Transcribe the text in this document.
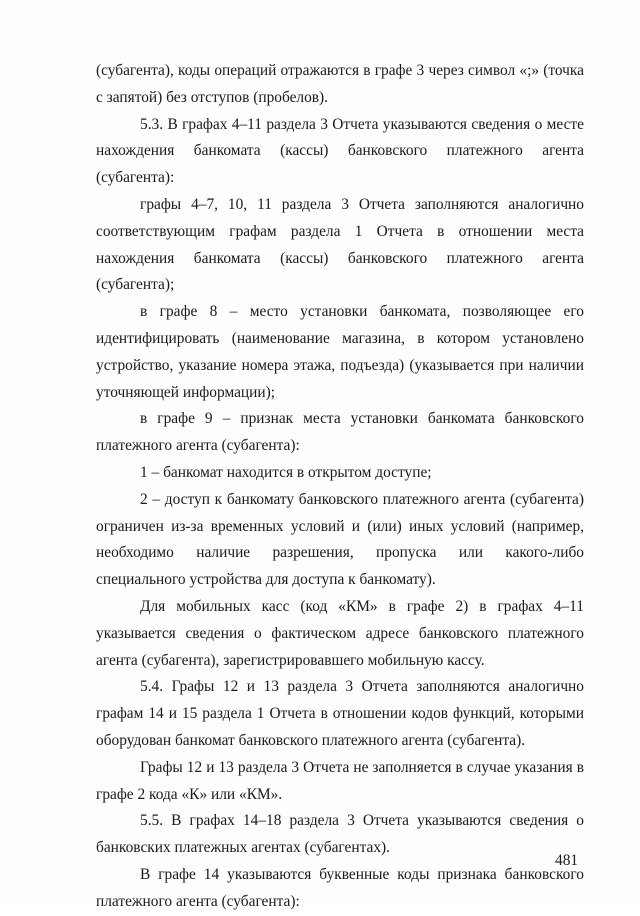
(субагента), коды операций отражаются в графе 3 через символ «;» (точка с запятой) без отступов (пробелов).

5.3. В графах 4–11 раздела 3 Отчета указываются сведения о месте нахождения банкомата (кассы) банковского платежного агента (субагента):

графы 4–7, 10, 11 раздела 3 Отчета заполняются аналогично соответствующим графам раздела 1 Отчета в отношении места нахождения банкомата (кассы) банковского платежного агента (субагента);

в графе 8 – место установки банкомата, позволяющее его идентифицировать (наименование магазина, в котором установлено устройство, указание номера этажа, подъезда) (указывается при наличии уточняющей информации);

в графе 9 – признак места установки банкомата банковского платежного агента (субагента):

1 – банкомат находится в открытом доступе;

2 – доступ к банкомату банковского платежного агента (субагента) ограничен из-за временных условий и (или) иных условий (например, необходимо наличие разрешения, пропуска или какого-либо специального устройства для доступа к банкомату).

Для мобильных касс (код «КМ» в графе 2) в графах 4–11 указывается сведения о фактическом адресе банковского платежного агента (субагента), зарегистрировавшего мобильную кассу.

5.4. Графы 12 и 13 раздела 3 Отчета заполняются аналогично графам 14 и 15 раздела 1 Отчета в отношении кодов функций, которыми оборудован банкомат банковского платежного агента (субагента).

Графы 12 и 13 раздела 3 Отчета не заполняется в случае указания в графе 2 кода «К» или «КМ».

5.5. В графах 14–18 раздела 3 Отчета указываются сведения о банковских платежных агентах (субагентах).

В графе 14 указываются буквенные коды признака банковского платежного агента (субагента):

481
